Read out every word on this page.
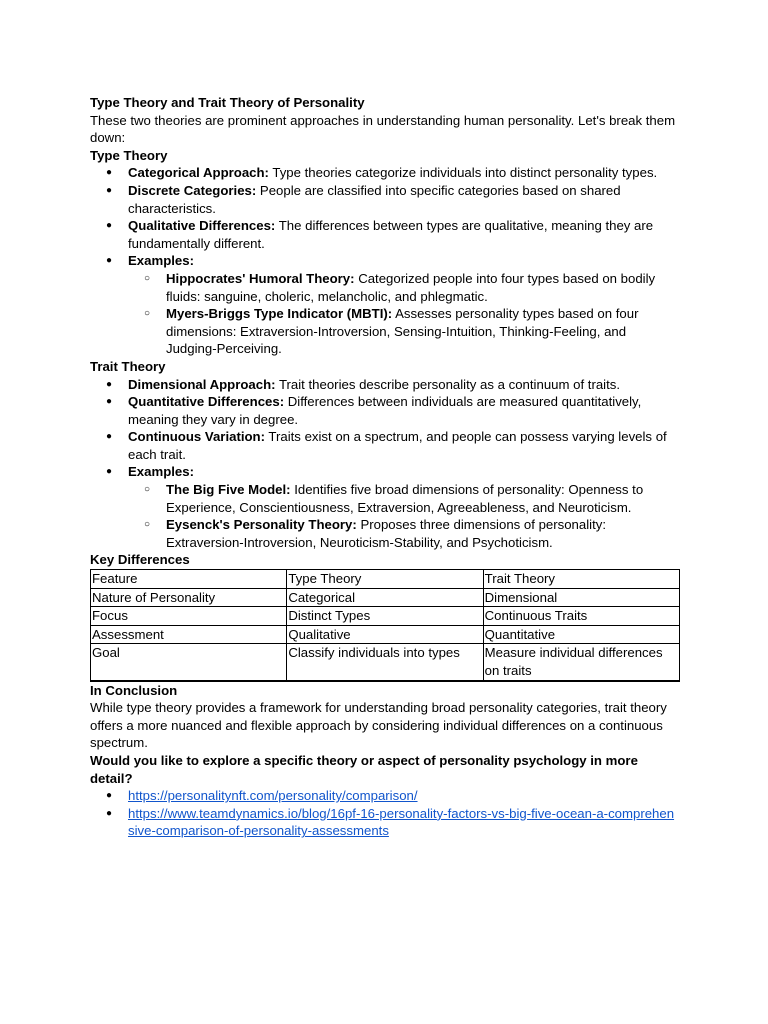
Type Theory and Trait Theory of Personality

These two theories are prominent approaches in understanding human personality. Let's break them down:

Type Theory

● Categorical Approach: Type theories categorize individuals into distinct personality types.
● Discrete Categories: People are classified into specific categories based on shared characteristics.
● Qualitative Differences: The differences between types are qualitative, meaning they are fundamentally different.
● Examples:
○ Hippocrates' Humoral Theory: Categorized people into four types based on bodily fluids: sanguine, choleric, melancholic, and phlegmatic.
○ Myers-Briggs Type Indicator (MBTI): Assesses personality types based on four dimensions: Extraversion-Introversion, Sensing-Intuition, Thinking-Feeling, and Judging-Perceiving.

Trait Theory

● Dimensional Approach: Trait theories describe personality as a continuum of traits.
● Quantitative Differences: Differences between individuals are measured quantitatively, meaning they vary in degree.
● Continuous Variation: Traits exist on a spectrum, and people can possess varying levels of each trait.
● Examples:
○ The Big Five Model: Identifies five broad dimensions of personality: Openness to Experience, Conscientiousness, Extraversion, Agreeableness, and Neuroticism.
○ Eysenck's Personality Theory: Proposes three dimensions of personality: Extraversion-Introversion, Neuroticism-Stability, and Psychoticism.

Key Differences

Feature	Type Theory	Trait Theory
Nature of Personality	Categorical	Dimensional
Focus	Distinct Types	Continuous Traits
Assessment	Qualitative	Quantitative
Goal	Classify individuals into types	Measure individual differences on traits

In Conclusion

While type theory provides a framework for understanding broad personality categories, trait theory offers a more nuanced and flexible approach by considering individual differences on a continuous spectrum.

Would you like to explore a specific theory or aspect of personality psychology in more detail?

● https://personalitynft.com/personality/comparison/
● https://www.teamdynamics.io/blog/16pf-16-personality-factors-vs-big-five-ocean-a-comprehensive-comparison-of-personality-assessments
